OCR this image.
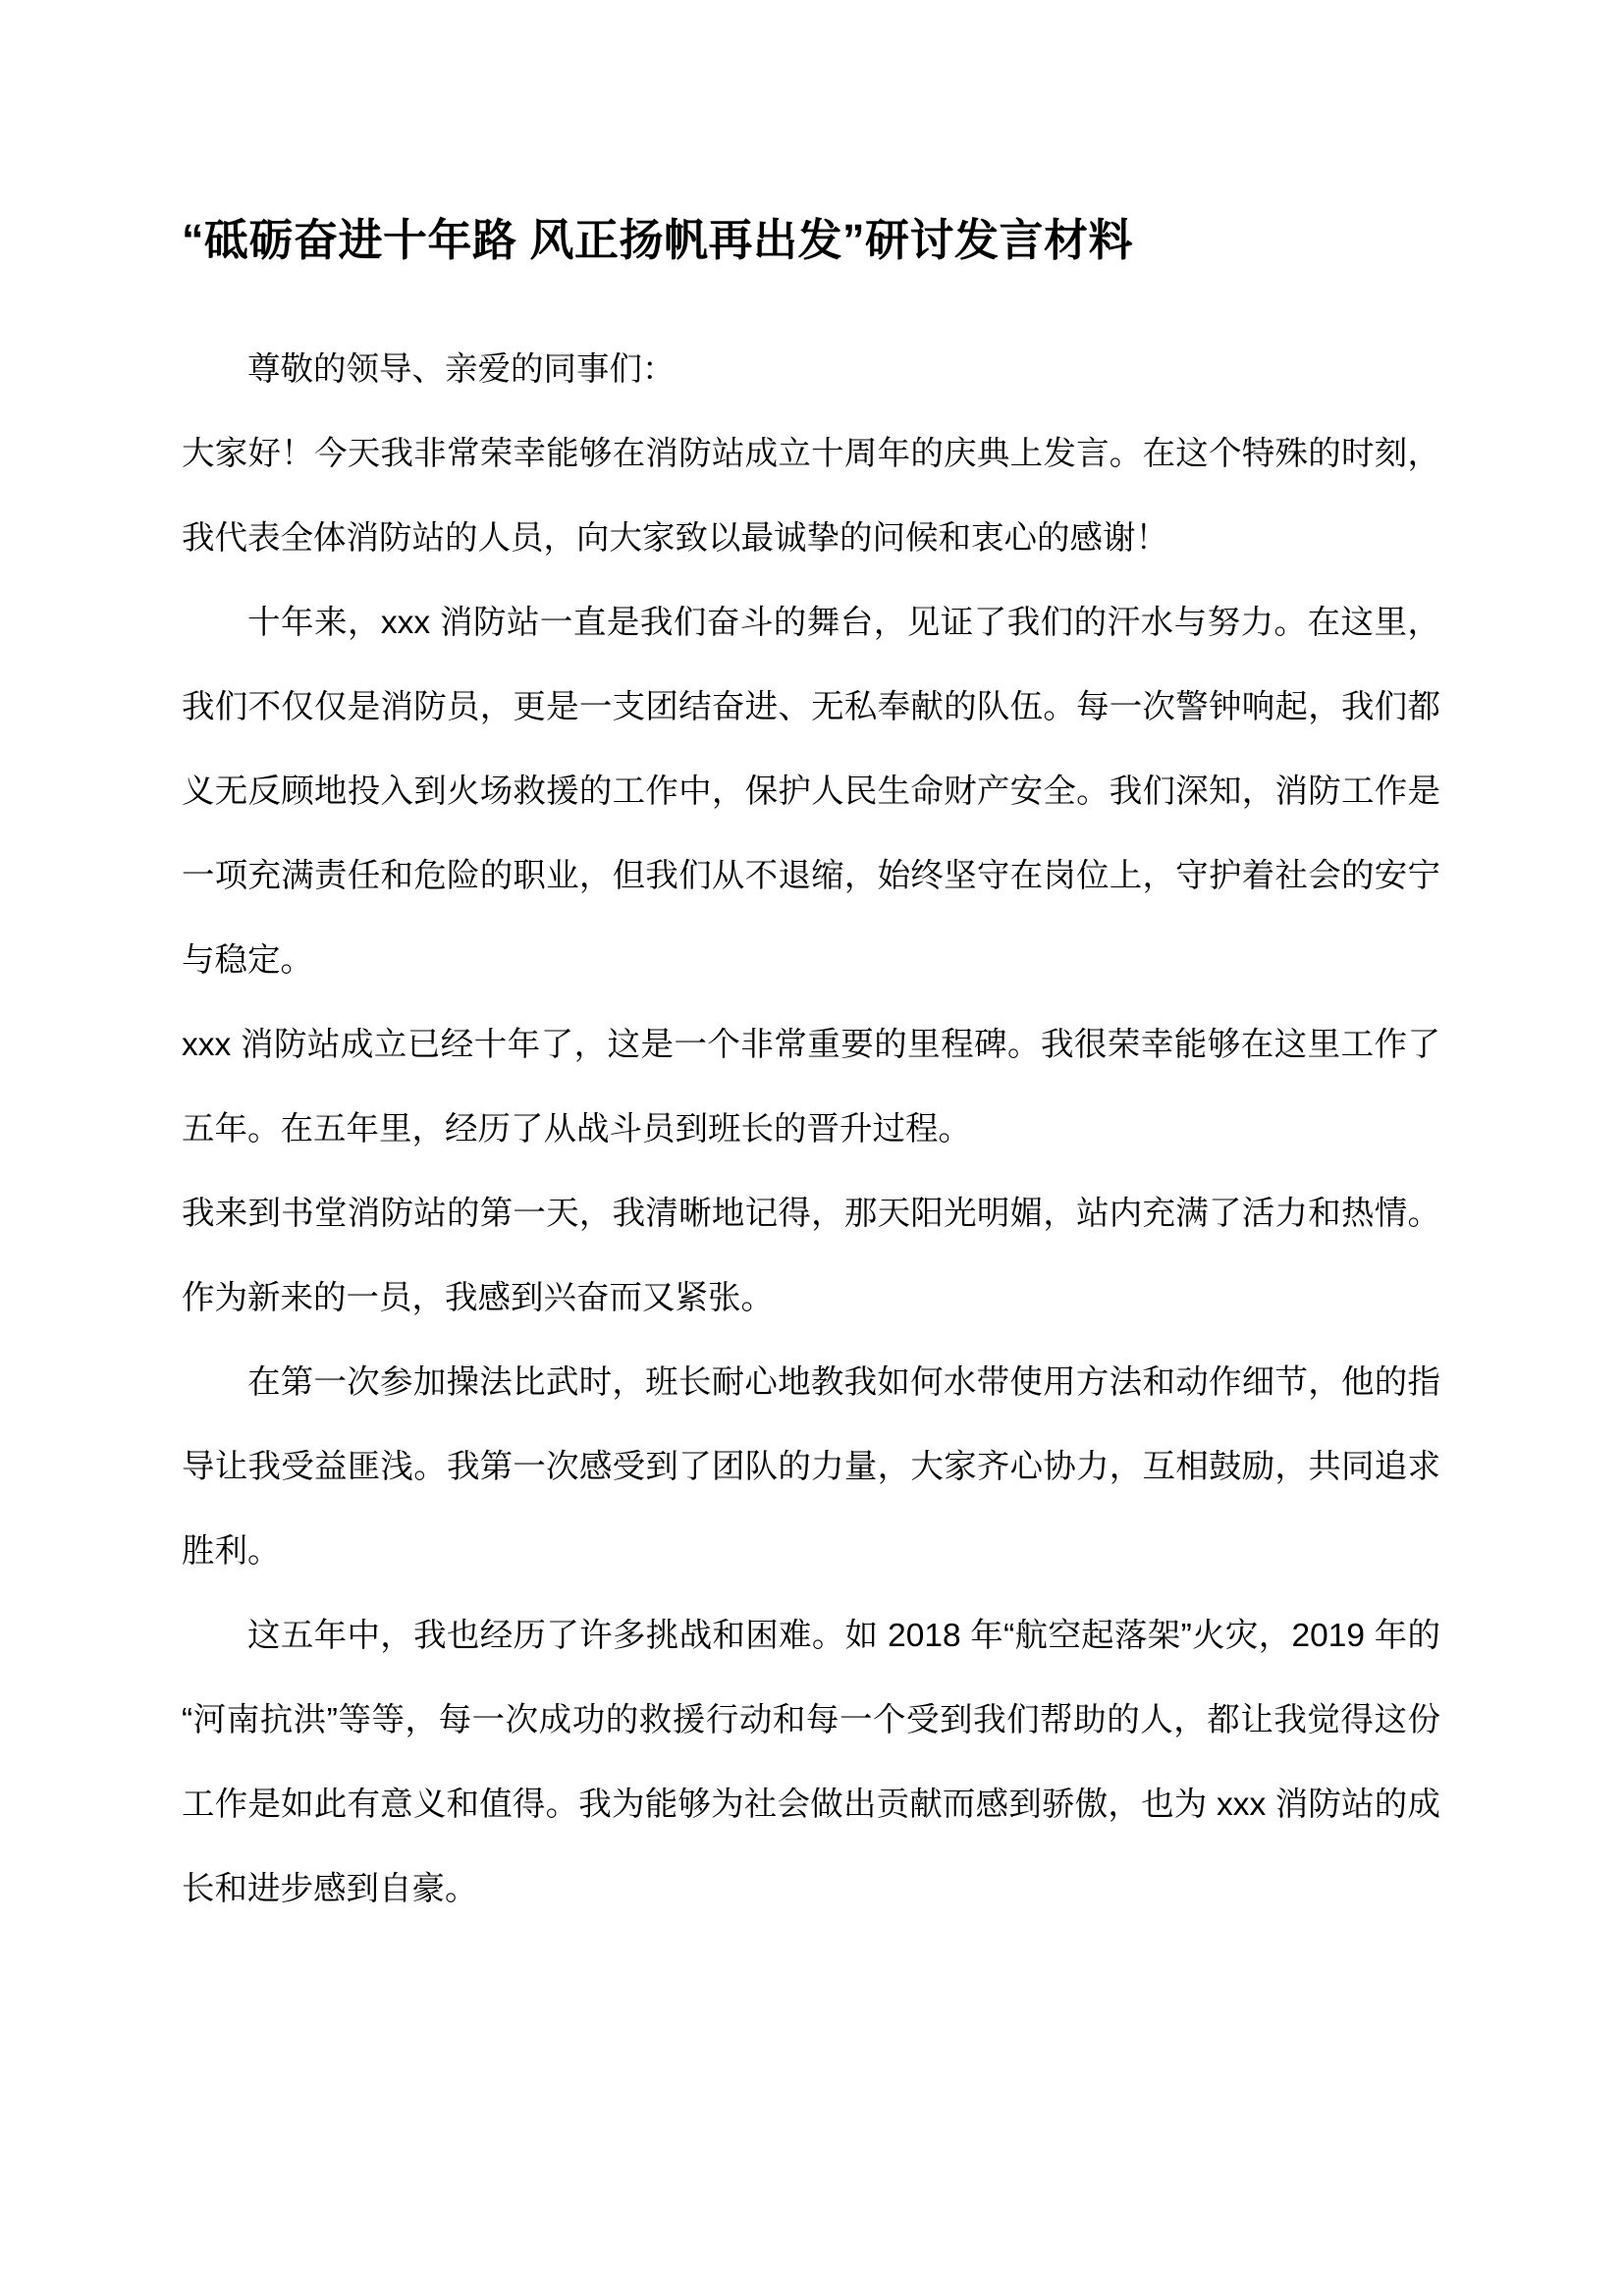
“砥砺奋进十年路 风正扬帆再出发”研讨发言材料

尊敬的领导、亲爱的同事们：

大家好！今天我非常荣幸能够在消防站成立十周年的庆典上发言。在这个特殊的时刻，我代表全体消防站的人员，向大家致以最诚挚的问候和衷心的感谢！

十年来，xxx 消防站一直是我们奋斗的舞台，见证了我们的汗水与努力。在这里，我们不仅仅是消防员，更是一支团结奋进、无私奉献的队伍。每一次警钟响起，我们都义无反顾地投入到火场救援的工作中，保护人民生命财产安全。我们深知，消防工作是一项充满责任和危险的职业，但我们从不退缩，始终坚守在岗位上，守护着社会的安宁与稳定。

xxx 消防站成立已经十年了，这是一个非常重要的里程碑。我很荣幸能够在这里工作了五年。在五年里，经历了从战斗员到班长的晋升过程。

我来到书堂消防站的第一天，我清晰地记得，那天阳光明媚，站内充满了活力和热情。作为新来的一员，我感到兴奋而又紧张。

在第一次参加操法比武时，班长耐心地教我如何水带使用方法和动作细节，他的指导让我受益匪浅。我第一次感受到了团队的力量，大家齐心协力，互相鼓励，共同追求胜利。

这五年中，我也经历了许多挑战和困难。如 2018 年“航空起落架”火灾，2019 年的“河南抗洪”等等，每一次成功的救援行动和每一个受到我们帮助的人，都让我觉得这份工作是如此有意义和值得。我为能够为社会做出贡献而感到骄傲，也为 xxx 消防站的成长和进步感到自豪。
